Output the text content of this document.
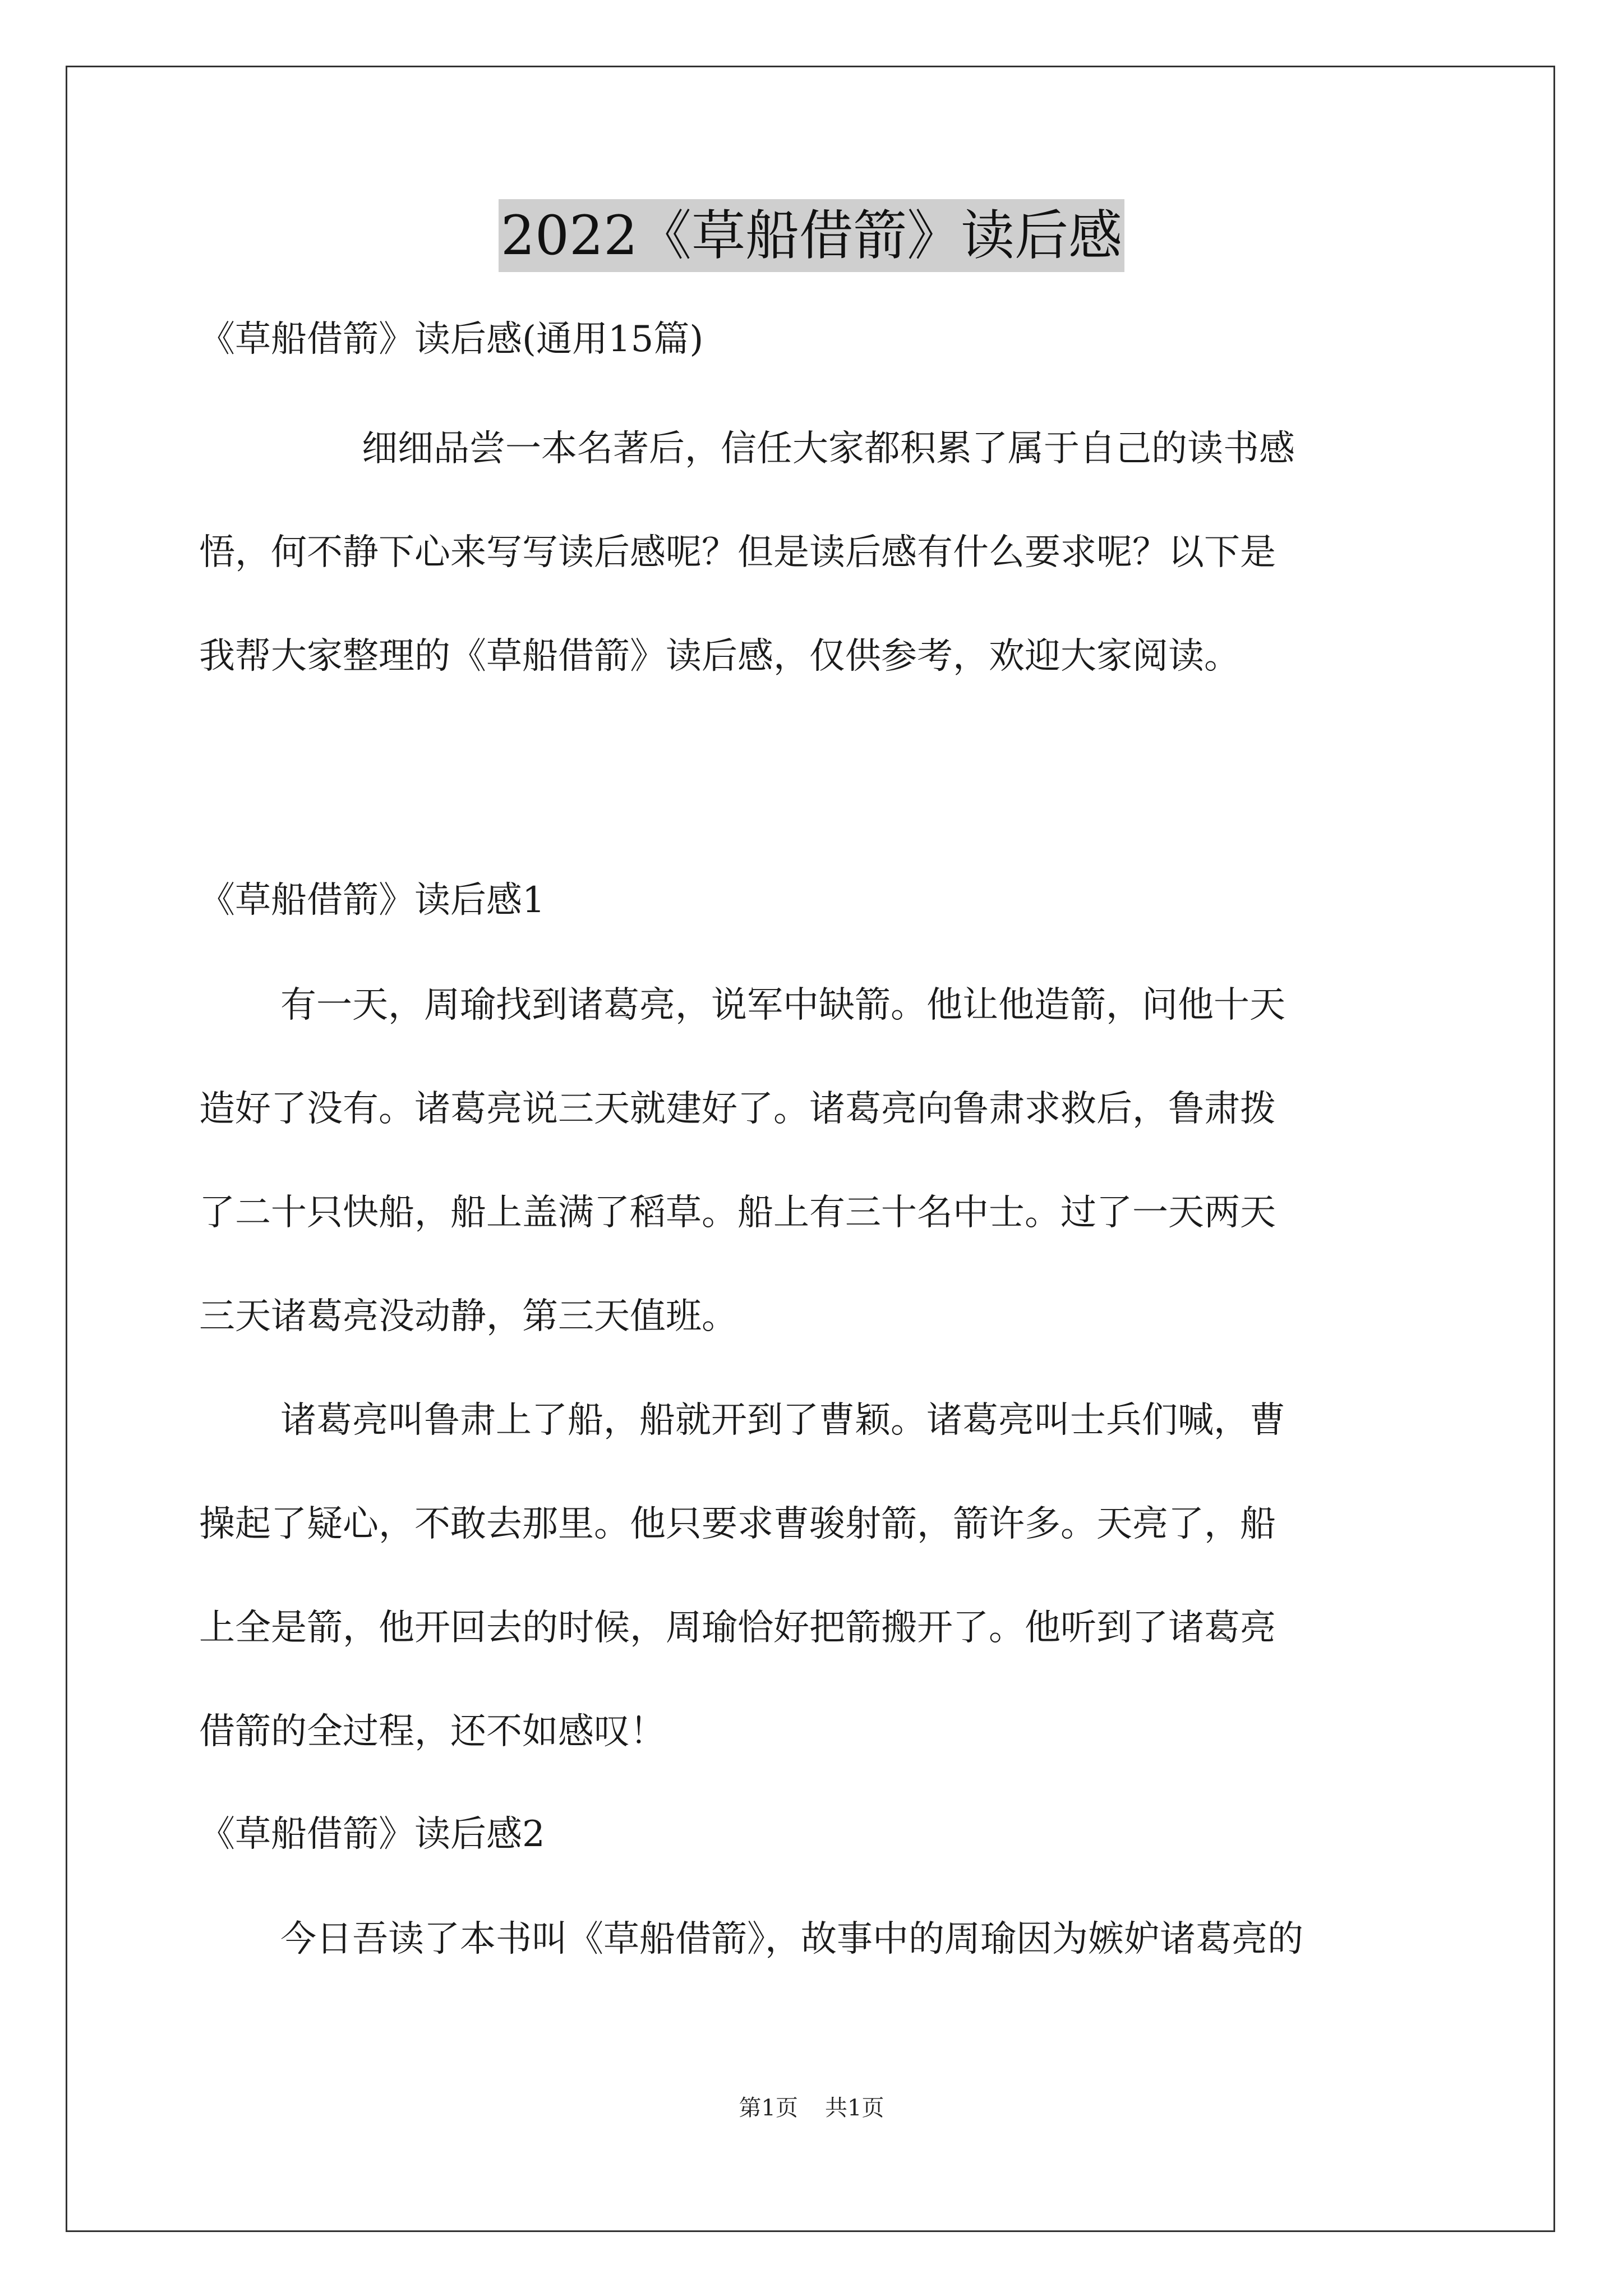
2022《草船借箭》读后感
《草船借箭》读后感(通用15篇)
细细品尝一本名著后，信任大家都积累了属于自己的读书感
悟，何不静下心来写写读后感呢？但是读后感有什么要求呢？以下是
我帮大家整理的《草船借箭》读后感，仅供参考，欢迎大家阅读。
《草船借箭》读后感1
有一天，周瑜找到诸葛亮，说军中缺箭。他让他造箭，问他十天
造好了没有。诸葛亮说三天就建好了。诸葛亮向鲁肃求救后，鲁肃拨
了二十只快船，船上盖满了稻草。船上有三十名中士。过了一天两天
三天诸葛亮没动静，第三天值班。
诸葛亮叫鲁肃上了船，船就开到了曹颖。诸葛亮叫士兵们喊，曹
操起了疑心，不敢去那里。他只要求曹骏射箭，箭许多。天亮了，船
上全是箭，他开回去的时候，周瑜恰好把箭搬开了。他听到了诸葛亮
借箭的全过程，还不如感叹！
《草船借箭》读后感2
今日吾读了本书叫《草船借箭》，故事中的周瑜因为嫉妒诸葛亮的
第1页 共1页
